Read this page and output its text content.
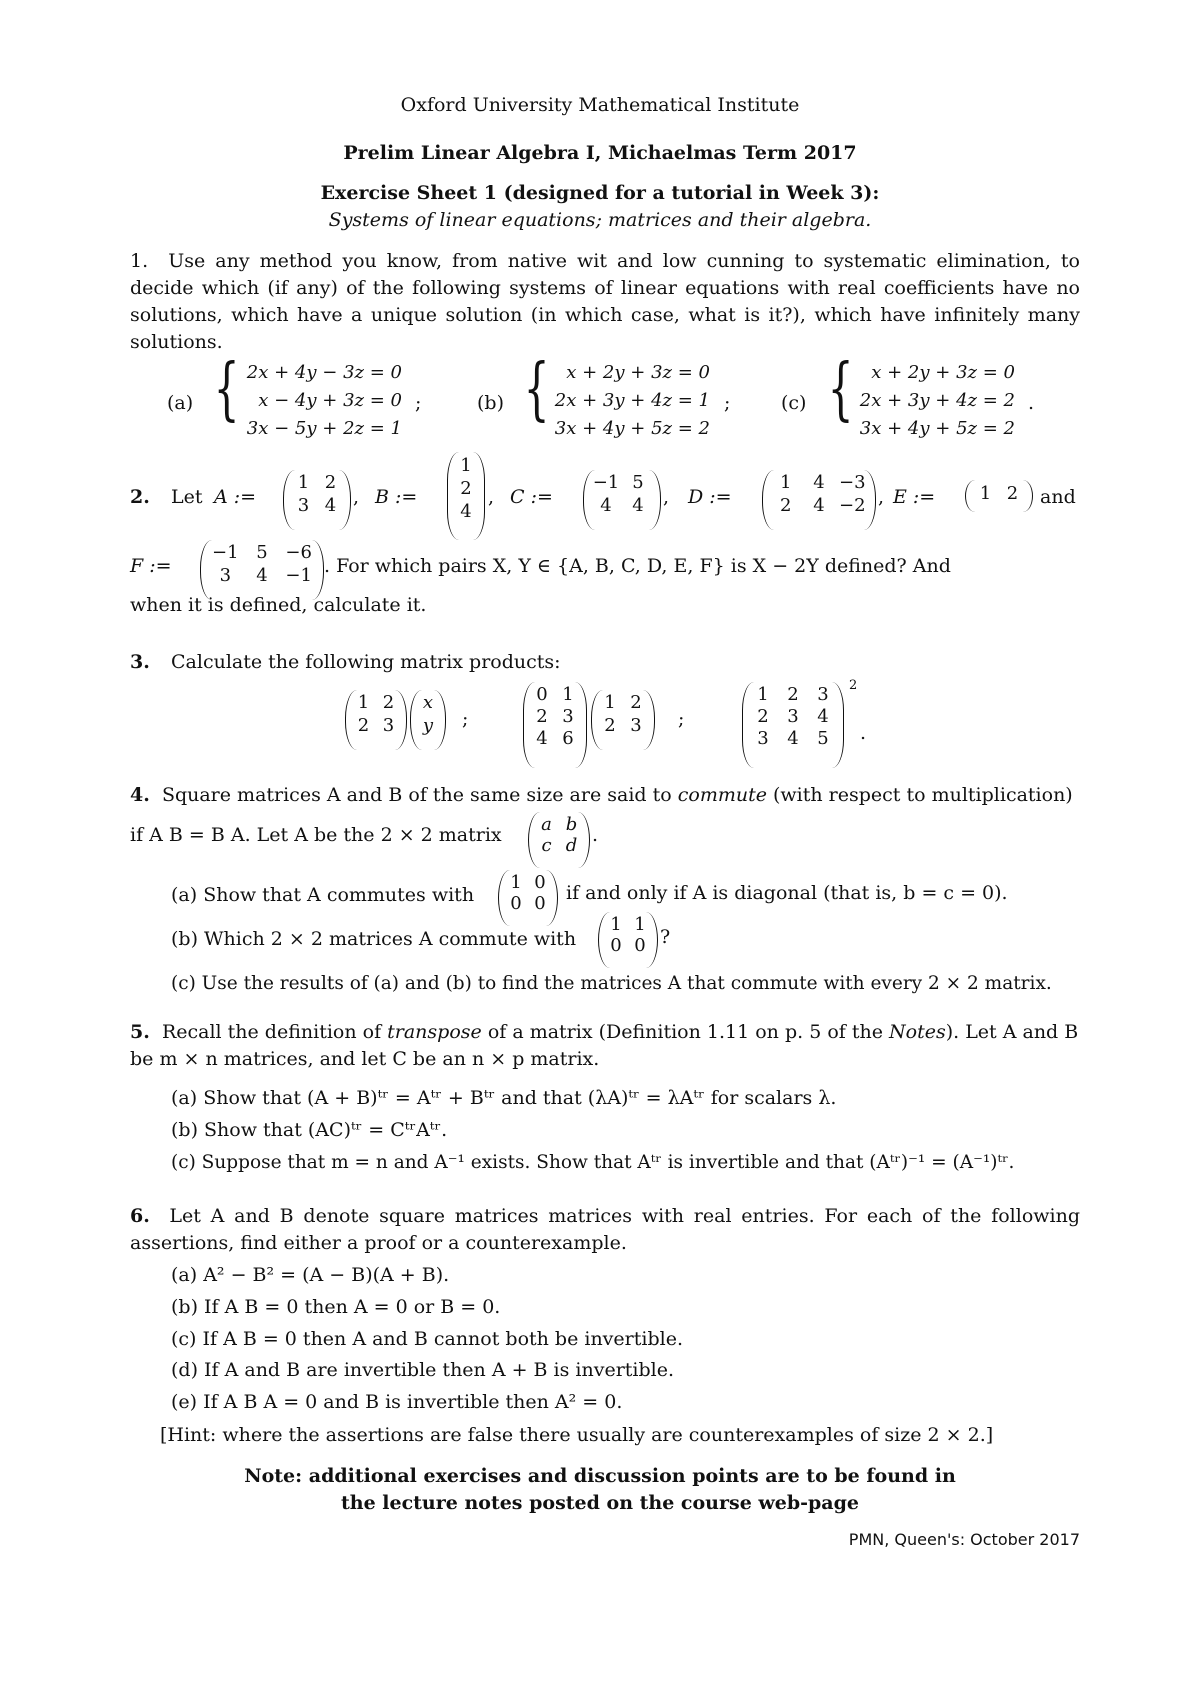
Oxford University Mathematical Institute
Prelim Linear Algebra I, Michaelmas Term 2017
Exercise Sheet 1 (designed for a tutorial in Week 3):
Systems of linear equations; matrices and their algebra.
1. Use any method you know, from native wit and low cunning to systematic elimination, to decide which (if any) of the following systems of linear equations with real coefficients have no solutions, which have a unique solution (in which case, what is it?), which have infinitely many solutions.
(a) { 2x + 4y − 3z = 0
x − 4y + 3z = 0
3x − 5y + 2z = 1
;	(b) { x + 2y + 3z = 0
2x + 3y + 4z = 1
3x + 4y + 5z = 2
;	(c) { x + 2y + 3z = 0
2x + 3y + 4z = 2
3x + 4y + 5z = 2
.
2. Let A :=
1 2
3 4 , B :=
1
2
4
, C :=
−1 5
4	4	, D :=
1	4 −3
2	4 −2 , E :=	1 2	and
F :=
−1 5 −6
3	4 −1 . For which pairs X, Y ∈ {A, B, C, D, E, F} is X − 2Y defined? And
when it is defined, calculate it.
3. Calculate the following matrix products:
1 2
2 3
x
y	;
0 1
2 3
4 6
1 2
2 3	;
1	2	3
2	3	4
3	4	5
2
.
4. Square matrices A and B of the same size are said to commute (with respect to multiplication)
if A B = B A. Let A be the 2 × 2 matrix	a b
c d .
(a) Show that A commutes with
1 0
0 0	if and only if A is diagonal (that is, b = c = 0).
(b) Which 2 × 2 matrices A commute with
1 1
0 0 ?
(c) Use the results of (a) and (b) to find the matrices A that commute with every 2 × 2 matrix.
5. Recall the definition of transpose of a matrix (Definition 1.11 on p. 5 of the Notes). Let A and B
be m × n matrices, and let C be an n × p matrix.
(a) Show that (A + B)ᵗʳ = Aᵗʳ + Bᵗʳ and that (λA)ᵗʳ = λAᵗʳ for scalars λ.
(b) Show that (AC)ᵗʳ = CᵗʳAᵗʳ.
(c) Suppose that m = n and A⁻¹ exists. Show that Aᵗʳ is invertible and that (Aᵗʳ)⁻¹ = (A⁻¹)ᵗʳ.
6. Let A and B denote square matrices matrices with real entries. For each of the following assertions, find either a proof or a counterexample.
(a) A² − B² = (A − B)(A + B).
(b) If A B = 0 then A = 0 or B = 0.
(c) If A B = 0 then A and B cannot both be invertible.
(d) If A and B are invertible then A + B is invertible.
(e) If A B A = 0 and B is invertible then A² = 0.
[Hint: where the assertions are false there usually are counterexamples of size 2 × 2.]
Note: additional exercises and discussion points are to be found in
the lecture notes posted on the course web-page
PMN, Queen's: October 2017
